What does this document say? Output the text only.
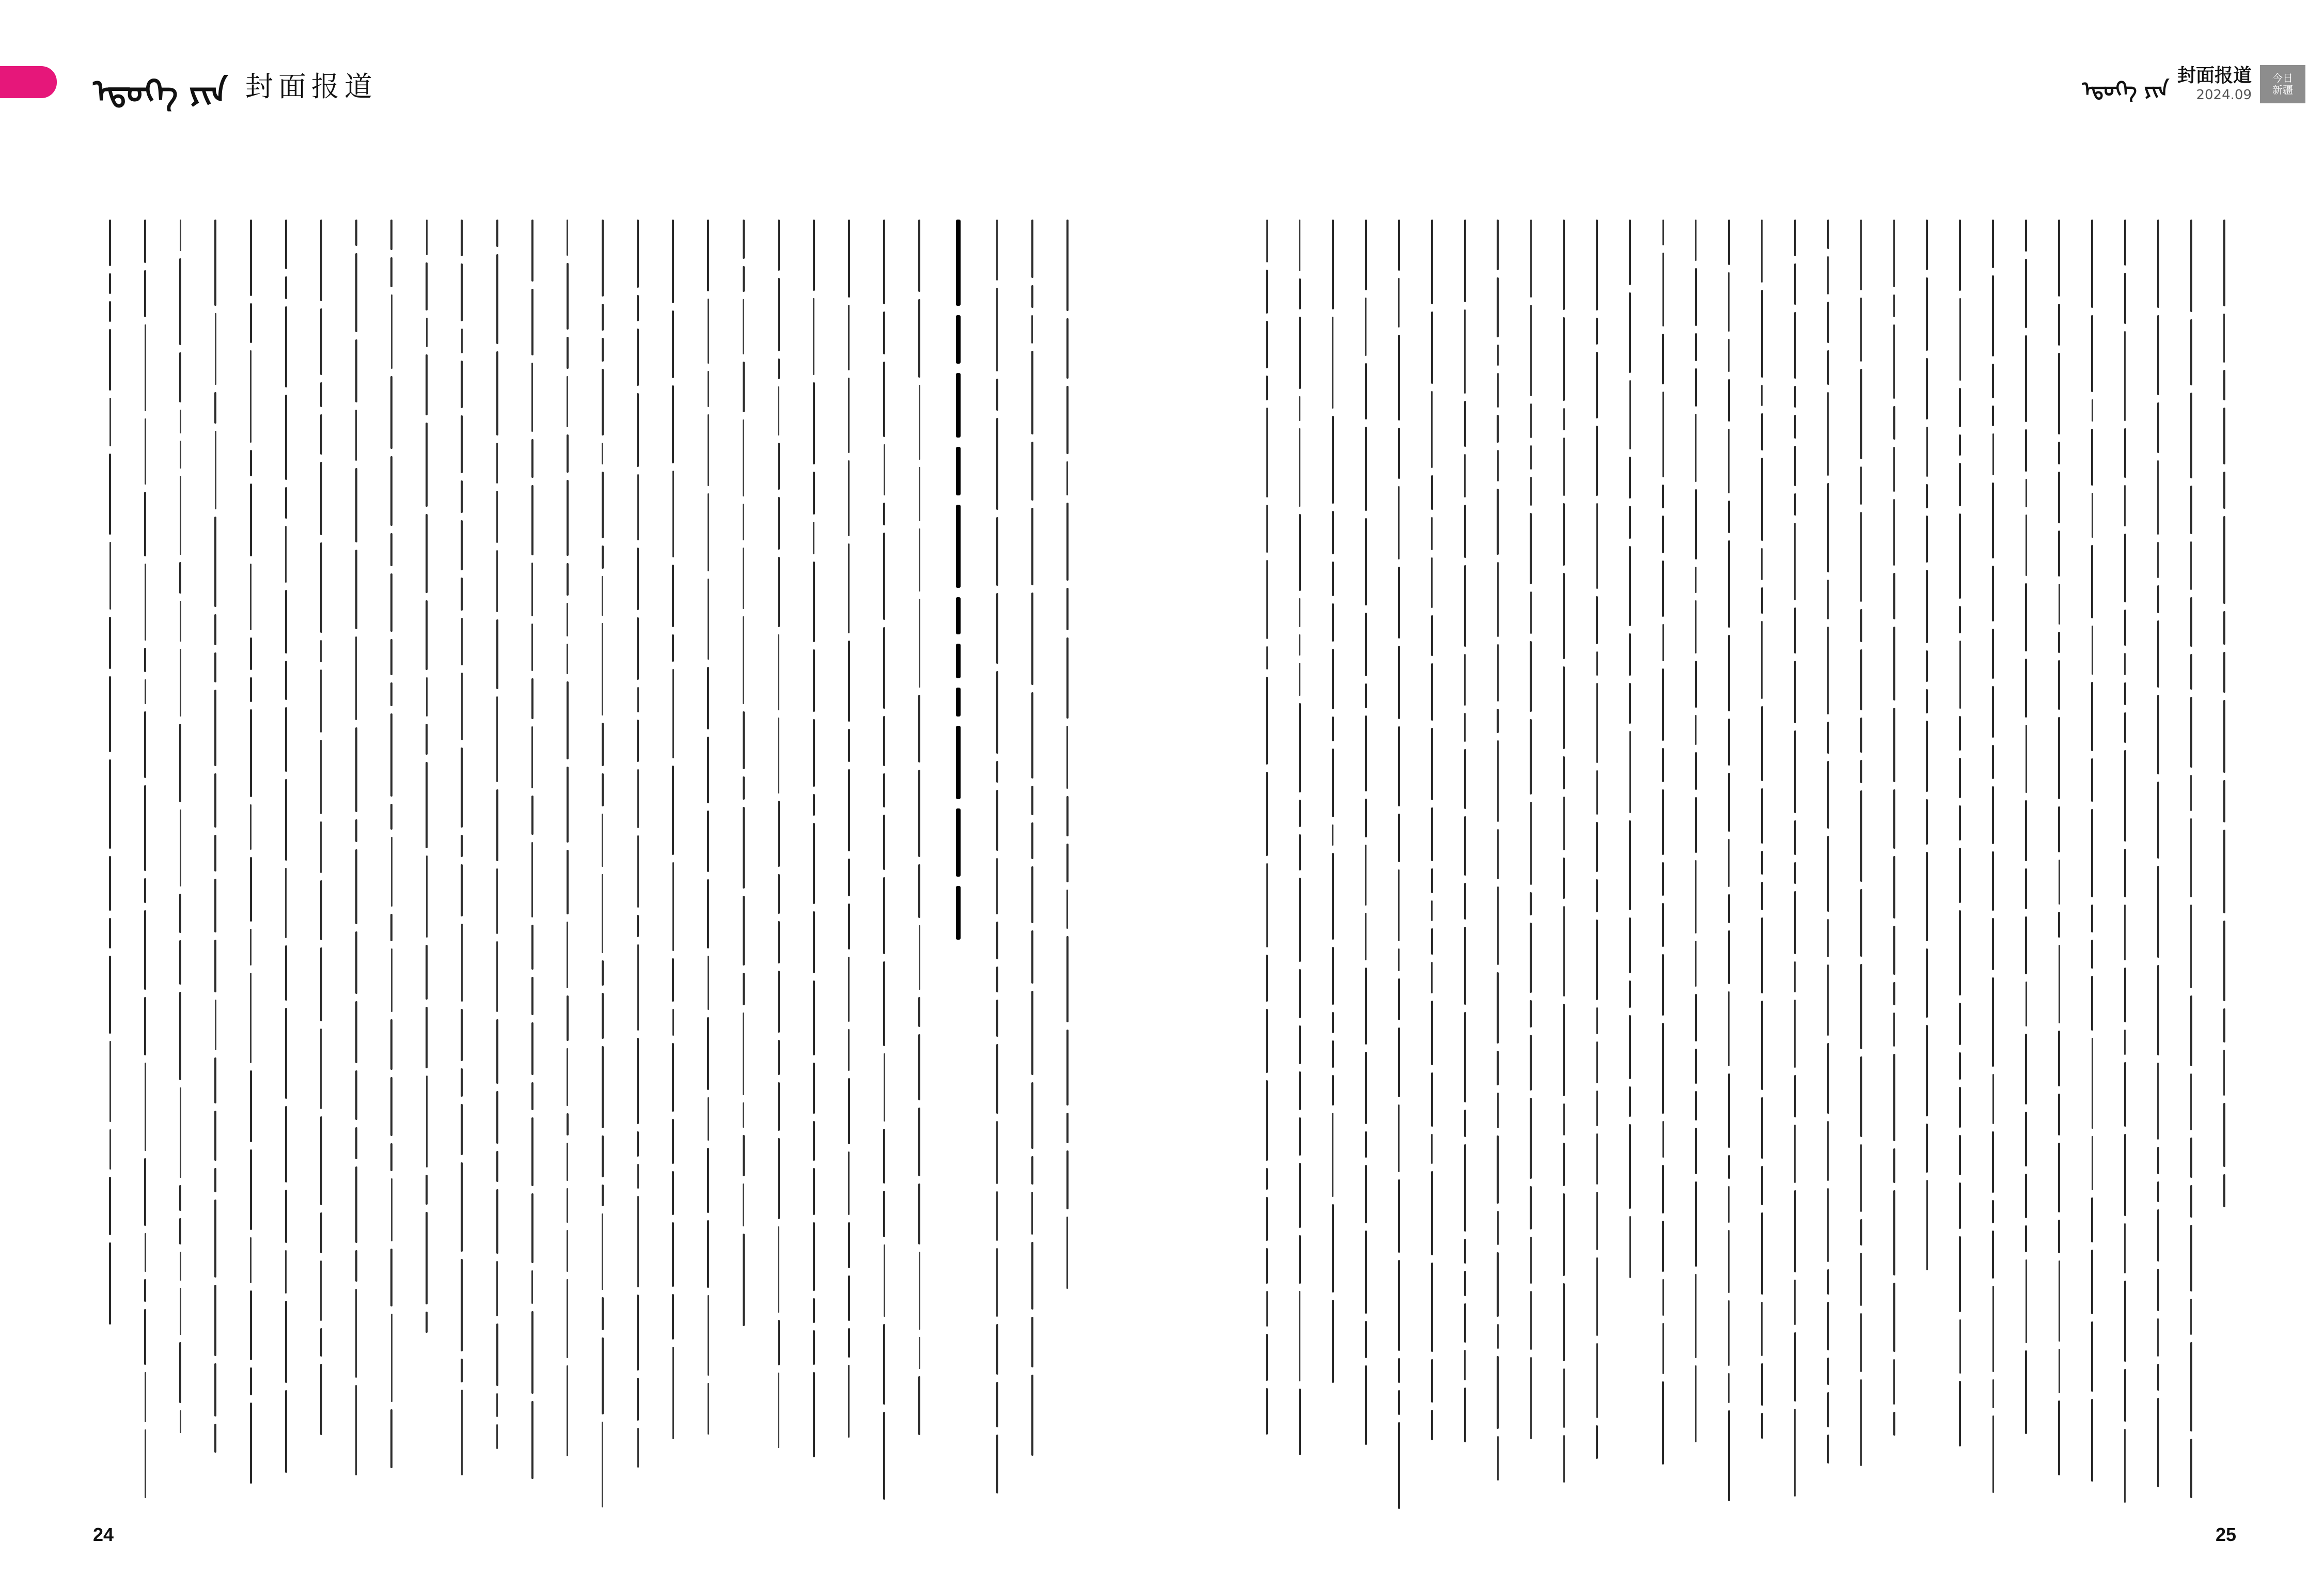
ᠡᠳᠦᠭᠡ ᠶᠢᠨ 封面报道	ᠡᠳᠦᠭᠡ ᠶᠢᠨ
封面报道
2024.09
今日
新疆
24	25
